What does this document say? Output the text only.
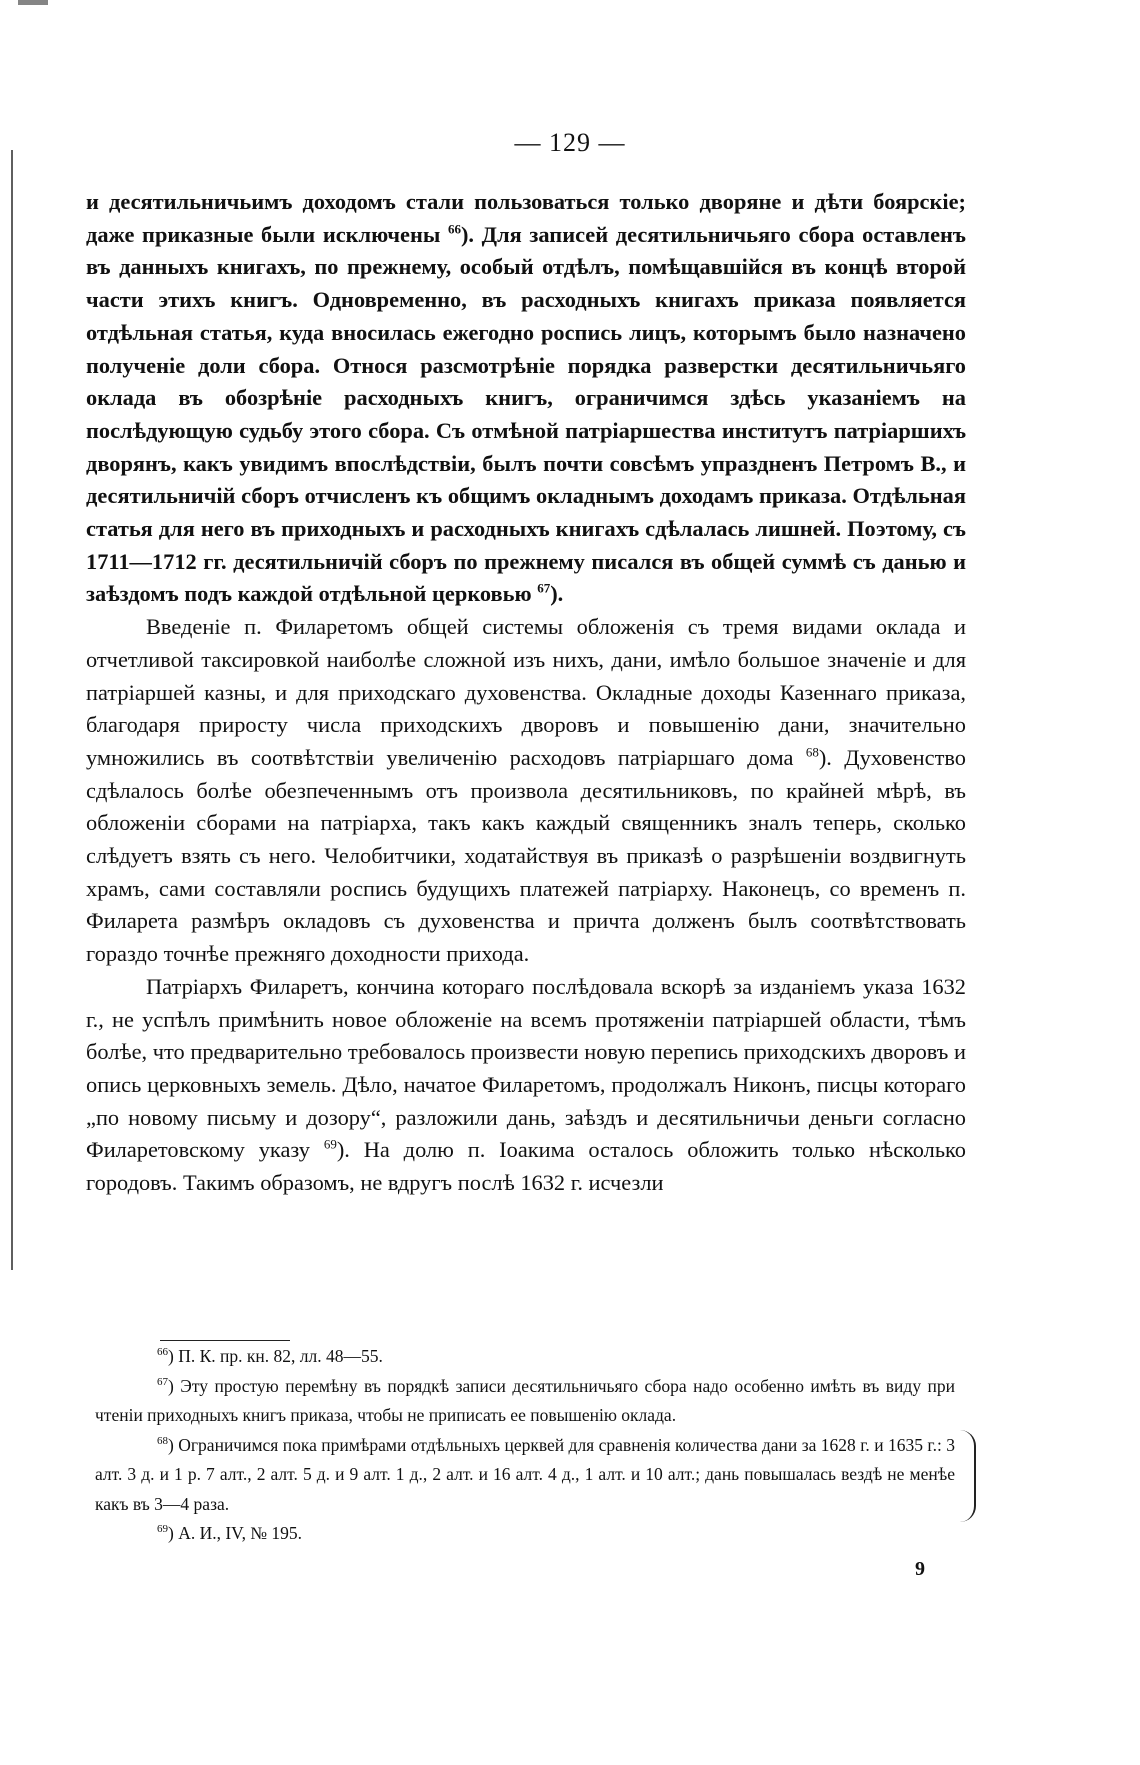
— 129 —

и десятильничьимъ доходомъ стали пользоваться только дворяне и дѣти боярскіе; даже приказные были исключены $^{66}$). Для записей десятильничьяго сбора оставленъ въ данныхъ книгахъ, по прежнему, особый отдѣлъ, помѣщавшійся въ концѣ второй части этихъ книгъ. Одновременно, въ расходныхъ книгахъ приказа появляется отдѣльная статья, куда вносилась ежегодно роспись лицъ, которымъ было назначено полученіе доли сбора. Относя разсмотрѣніе порядка разверстки десятильничьяго оклада въ обозрѣніе расходныхъ книгъ, ограничимся здѣсь указаніемъ на послѣдующую судьбу этого сбора. Съ отмѣной патріаршества институтъ патріаршихъ дворянъ, какъ увидимъ впослѣдствіи, былъ почти совсѣмъ упраздненъ Петромъ В., и десятильничій сборъ отчисленъ къ общимъ окладнымъ доходамъ приказа. Отдѣльная статья для него въ приходныхъ и расходныхъ книгахъ сдѣлалась лишней. Поэтому, съ 1711—1712 гг. десятильничій сборъ по прежнему писался въ общей суммѣ съ данью и заѣздомъ подъ каждой отдѣльной церковью $^{67}$).

Введеніе п. Филаретомъ общей системы обложенія съ тремя видами оклада и отчетливой таксировкой наиболѣе сложной изъ нихъ, дани, имѣло большое значеніе и для патріаршей казны, и для приходскаго духовенства. Окладные доходы Казеннаго приказа, благодаря приросту числа приходскихъ дворовъ и повышенію дани, значительно умножились въ соотвѣтствіи увеличенію расходовъ патріаршаго дома $^{68}$). Духовенство сдѣлалось болѣе обезпеченнымъ отъ произвола десятильниковъ, по крайней мѣрѣ, въ обложеніи сборами на патріарха, такъ какъ каждый священникъ зналъ теперь, сколько слѣдуетъ взять съ него. Челобитчики, ходатайствуя въ приказѣ о разрѣшеніи воздвигнуть храмъ, сами составляли роспись будущихъ платежей патріарху. Наконецъ, со временъ п. Филарета размѣръ окладовъ съ духовенства и причта долженъ былъ соотвѣтствовать гораздо точнѣе прежняго доходности прихода.

Патріархъ Филаретъ, кончина котораго послѣдовала вскорѣ за изданіемъ указа 1632 г., не успѣлъ примѣнить новое обложеніе на всемъ протяженіи патріаршей области, тѣмъ болѣе, что предварительно требовалось произвести новую перепись приходскихъ дворовъ и опись церковныхъ земель. Дѣло, начатое Филаретомъ, продолжалъ Никонъ, писцы котораго „по новому письму и дозору“, разложили дань, заѣздъ и десятильничьи деньги согласно Филаретовскому указу $^{69}$). На долю п. Іоакима осталось обложить только нѣсколько городовъ. Такимъ образомъ, не вдругъ послѣ 1632 г. исчезли

$^{66}$) П. К. пр. кн. 82, лл. 48—55.

$^{67}$) Эту простую перемѣну въ порядкѣ записи десятильничьяго сбора надо особенно имѣть въ виду при чтеніи приходныхъ книгъ приказа, чтобы не приписать ее повышенію оклада.

$^{68}$) Ограничимся пока примѣрами отдѣльныхъ церквей для сравненія количества дани за 1628 г. и 1635 г.: 3 алт. 3 д. и 1 р. 7 алт., 2 алт. 5 д. и 9 алт. 1 д., 2 алт. и 16 алт. 4 д., 1 алт. и 10 алт.; дань повышалась вездѣ не менѣе какъ въ 3—4 раза.

$^{69}$) А. И., IV, № 195.

9
